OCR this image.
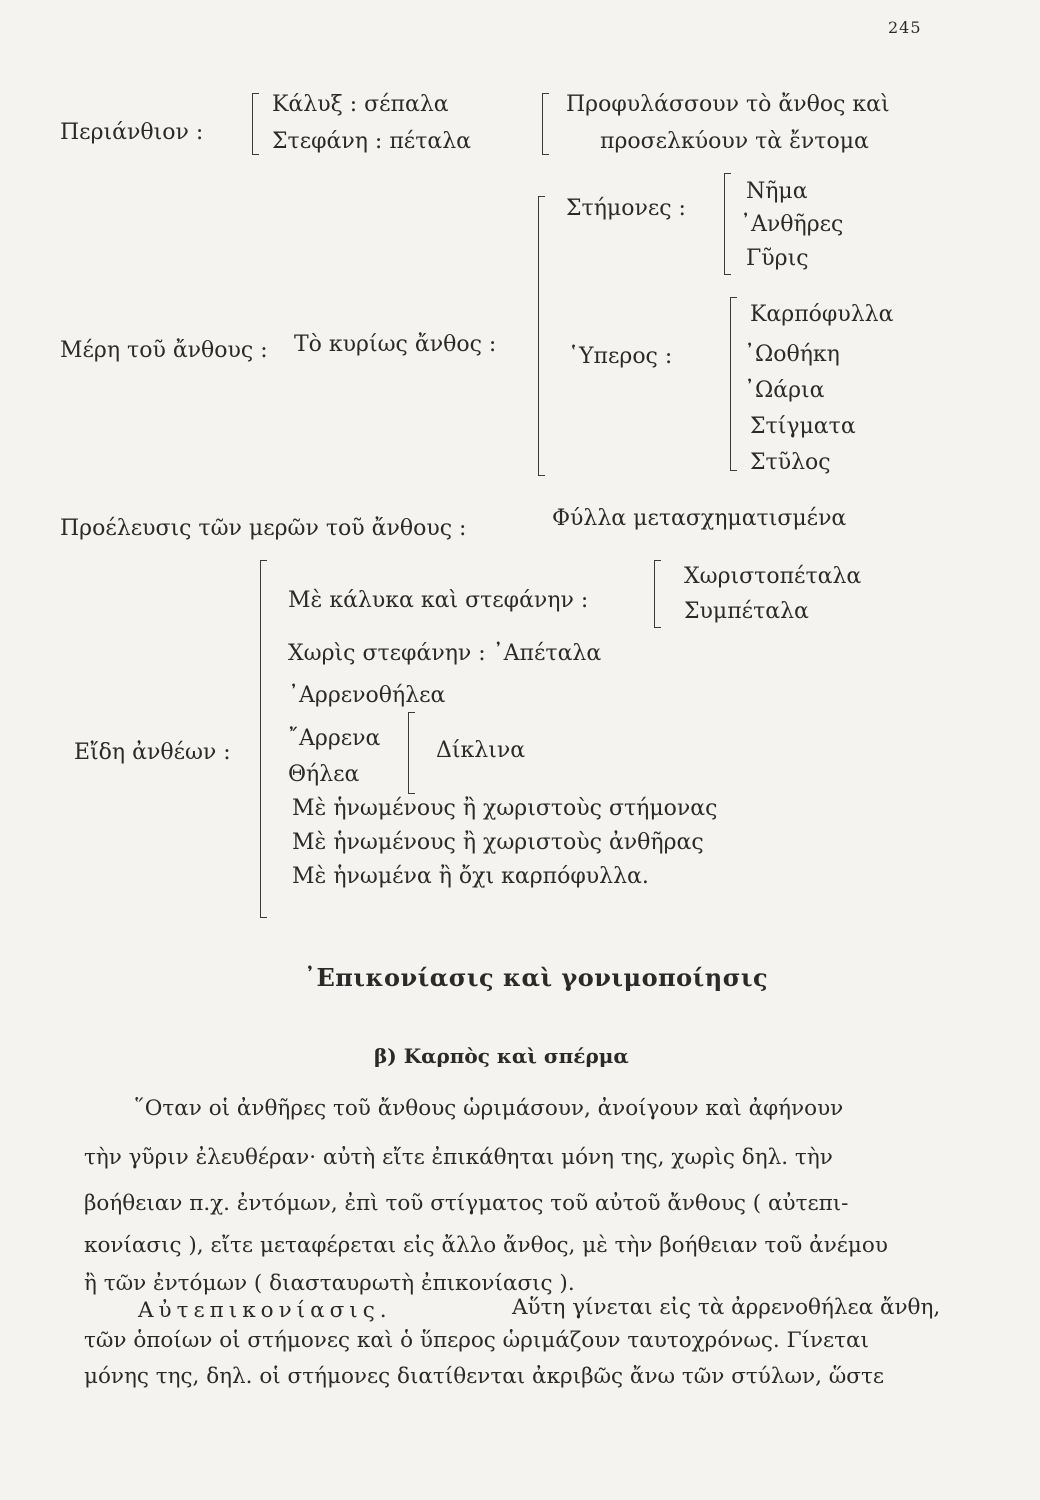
245
Περιάνθιον :
Κάλυξ : σέπαλα
Στεφάνη : πέταλα
Προφυλάσσουν τὸ ἄνθος καὶ
προσελκύουν τὰ ἔντομα
Μέρη τοῦ ἄνθους : Τὸ κυρίως ἄνθος :
Στήμονες :
Νῆμα
᾿Ανθῆρες
Γῦρις
῾Υπερος :
Καρπόφυλλα
᾿Ωοθήκη
᾿Ωάρια
Στίγματα
Στῦλος
Προέλευσις τῶν μερῶν τοῦ ἄνθους :	Φύλλα μετασχηματισμένα
Εἴδη ἀνθέων :
Μὲ κάλυκα καὶ στεφάνην :
Χωριστοπέταλα
Συμπέταλα
Χωρὶς στεφάνην : ᾿Απέταλα
᾿Αρρενοθήλεα
῎Αρρενα
Θήλεα
Δίκλινα
Μὲ ἡνωμένους ἢ χωριστοὺς στήμονας
Μὲ ἡνωμένους ἢ χωριστοὺς ἀνθῆρας
Μὲ ἡνωμένα ἢ ὄχι καρπόφυλλα.
᾿Επικονίασις καὶ γονιμοποίησις
β) Καρπὸς καὶ σπέρμα
῞Οταν οἱ ἀνθῆρες τοῦ ἄνθους ὡριμάσουν, ἀνοίγουν καὶ ἀφήνουν
τὴν γῦριν ἐλευθέραν· αὐτὴ εἴτε ἐπικάθηται μόνη της, χωρὶς δηλ. τὴν
βοήθειαν π.χ. ἐντόμων, ἐπὶ τοῦ στίγματος τοῦ αὐτοῦ ἄνθους ( αὐτεπι-
κονίασις ), εἴτε μεταφέρεται εἰς ἄλλο ἄνθος, μὲ τὴν βοήθειαν τοῦ ἀνέμου
ἢ τῶν ἐντόμων ( διασταυρωτὴ ἐπικονίασις ).
Αὐτεπικονίασις.	Αὕτη γίνεται εἰς τὰ ἀρρενοθήλεα ἄνθη,
τῶν ὁποίων οἱ στήμονες καὶ ὁ ὕπερος ὡριμάζουν ταυτοχρόνως. Γίνεται
μόνης της, δηλ. οἱ στήμονες διατίθενται ἀκριβῶς ἄνω τῶν στύλων, ὥστε
